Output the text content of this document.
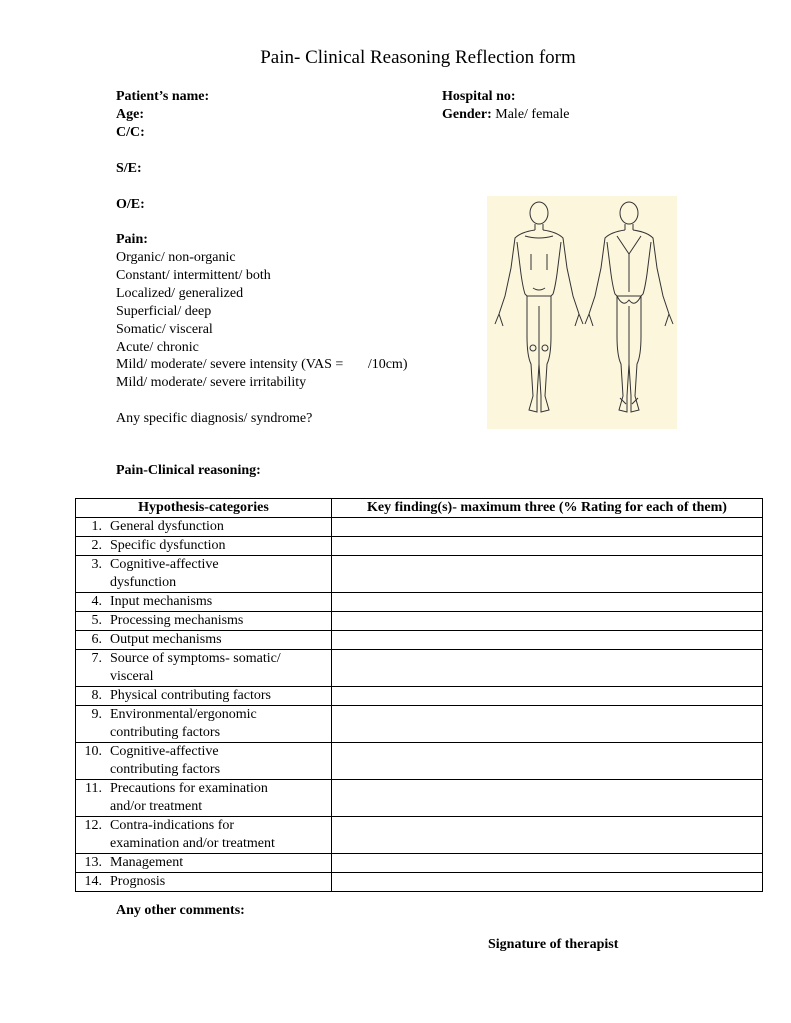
Pain- Clinical Reasoning Reflection form
Patient’s name:	Hospital no:
Age:	Gender: Male/ female
C/C:
S/E:
O/E:
Pain:
Organic/ non-organic
Constant/ intermittent/ both
Localized/ generalized
Superficial/ deep
Somatic/ visceral
Acute/ chronic
Mild/ moderate/ severe intensity (VAS =       /10cm)
Mild/ moderate/ severe irritability
Any specific diagnosis/ syndrome?
Pain-Clinical reasoning:
Hypothesis-categories	Key finding(s)- maximum three (% Rating for each of them)
1. General dysfunction	
2. Specific dysfunction	
3. Cognitive-affective dysfunction	
4. Input mechanisms	
5. Processing mechanisms	
6. Output mechanisms	
7. Source of symptoms- somatic/ visceral	
8. Physical contributing factors	
9. Environmental/ergonomic contributing factors	
10. Cognitive-affective contributing factors	
11. Precautions for examination and/or treatment	
12. Contra-indications for examination and/or treatment	
13. Management	
14. Prognosis	
Any other comments:
Signature of therapist
